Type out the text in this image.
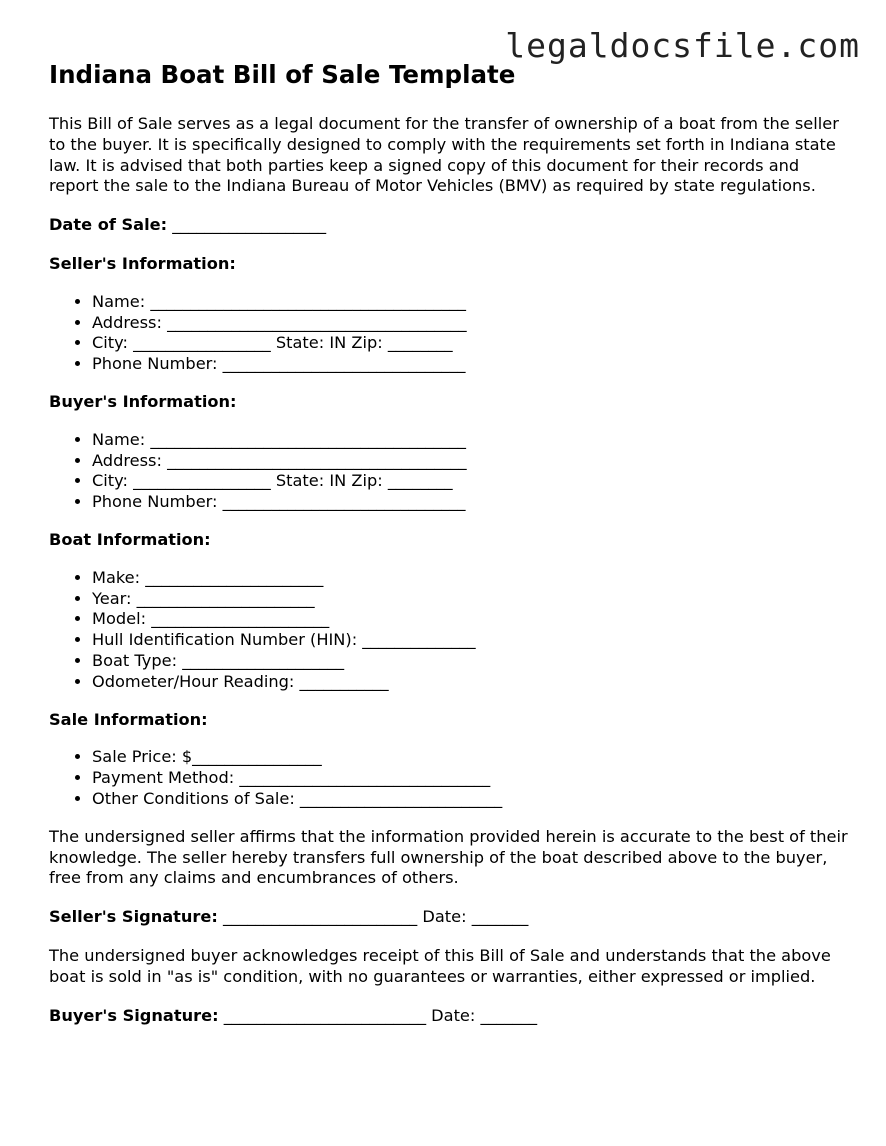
legaldocsfile.com
Indiana Boat Bill of Sale Template

This Bill of Sale serves as a legal document for the transfer of ownership of a boat from the seller to the buyer. It is specifically designed to comply with the requirements set forth in Indiana state law. It is advised that both parties keep a signed copy of this document for their records and report the sale to the Indiana Bureau of Motor Vehicles (BMV) as required by state regulations.

Date of Sale: ___________________
Seller's Information:
• Name: _______________________________________
• Address: _____________________________________
• City: _________________ State: IN Zip: ________
• Phone Number: ______________________________
Buyer's Information:
• Name: _______________________________________
• Address: _____________________________________
• City: _________________ State: IN Zip: ________
• Phone Number: ______________________________
Boat Information:
• Make: ______________________
• Year: ______________________
• Model: ______________________
• Hull Identification Number (HIN): ______________
• Boat Type: ____________________
• Odometer/Hour Reading: ___________
Sale Information:
• Sale Price: $________________
• Payment Method: _______________________________
• Other Conditions of Sale: _________________________

The undersigned seller affirms that the information provided herein is accurate to the best of their knowledge. The seller hereby transfers full ownership of the boat described above to the buyer, free from any claims and encumbrances of others.

Seller's Signature: ________________________ Date: _______

The undersigned buyer acknowledges receipt of this Bill of Sale and understands that the above boat is sold in "as is" condition, with no guarantees or warranties, either expressed or implied.

Buyer's Signature: _________________________ Date: _______
